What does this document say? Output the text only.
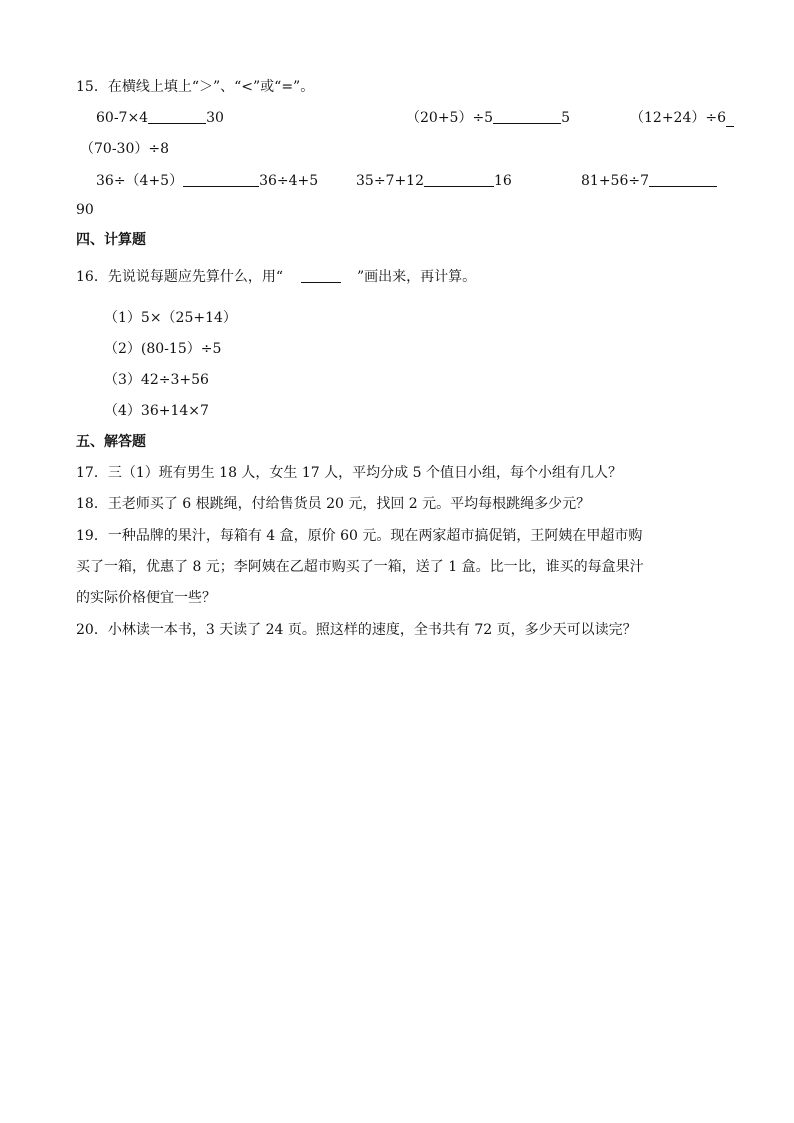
15．在横线上填上“＞”、“<”或“=”。
60-7×4	30	（20+5）÷5	5	（12+24）÷6
（70-30）÷8
36÷（4+5）	36÷4+5	35÷7+12	16	81+56÷7
90
四、计算题
16．先说说每题应先算什么，用“	”画出来，再计算。
（1）5×（25+14）
（2）(80-15）÷5
（3）42÷3+56
（4）36+14×7
五、解答题
17．三（1）班有男生 18 人，女生 17 人，平均分成 5 个值日小组，每个小组有几人？
18．王老师买了 6 根跳绳，付给售货员 20 元，找回 2 元。平均每根跳绳多少元？
19．一种品牌的果汁，每箱有 4 盒，原价 60 元。现在两家超市搞促销，王阿姨在甲超市购
买了一箱，优惠了 8 元；李阿姨在乙超市购买了一箱，送了 1 盒。比一比，谁买的每盒果汁
的实际价格便宜一些？
20．小林读一本书，3 天读了 24 页。照这样的速度，全书共有 72 页，多少天可以读完？
